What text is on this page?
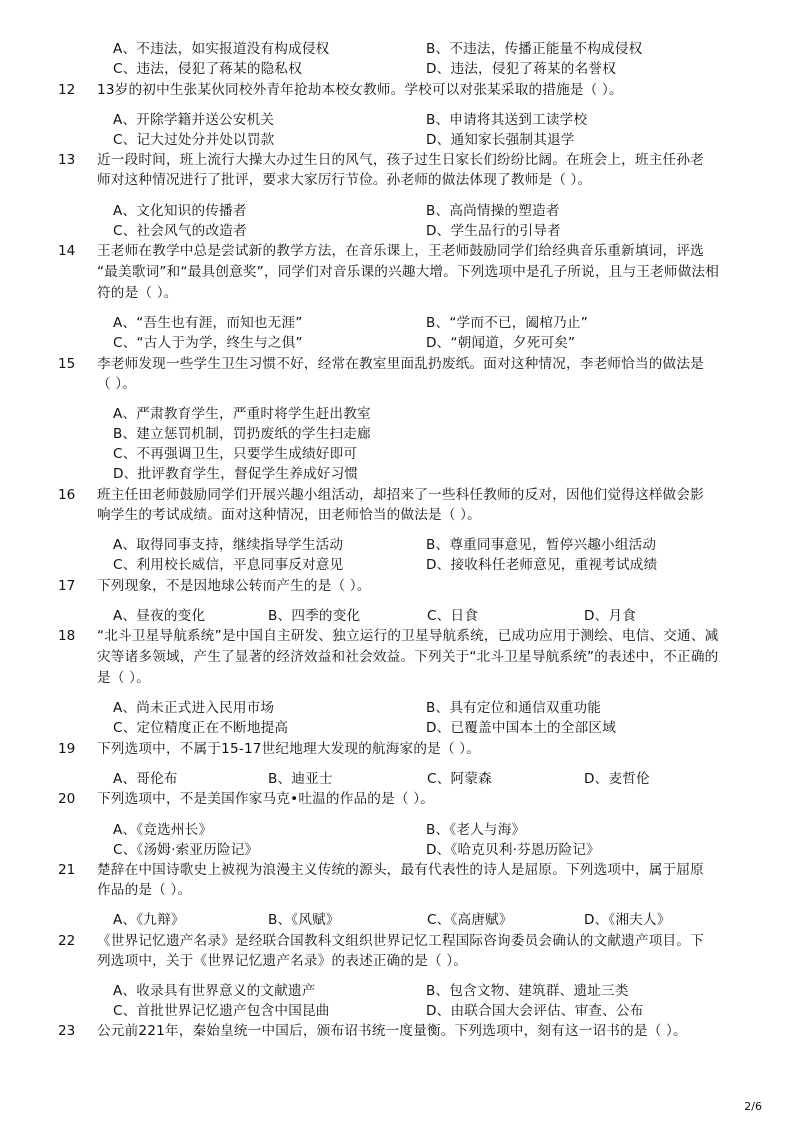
A、不违法，如实报道没有构成侵权	B、不违法，传播正能量不构成侵权
C、违法，侵犯了蒋某的隐私权	D、违法，侵犯了蒋某的名誉权
12 13岁的初中生张某伙同校外青年抢劫本校女教师。学校可以对张某采取的措施是（ ）。
A、开除学籍并送公安机关	B、申请将其送到工读学校
C、记大过处分并处以罚款	D、通知家长强制其退学
13 近一段时间，班上流行大操大办过生日的风气，孩子过生日家长们纷纷比阔。在班会上，班主任孙老
师对这种情况进行了批评，要求大家厉行节俭。孙老师的做法体现了教师是（ ）。
A、文化知识的传播者	B、高尚情操的塑造者
C、社会风气的改造者	D、学生品行的引导者
14 王老师在教学中总是尝试新的教学方法，在音乐课上，王老师鼓励同学们给经典音乐重新填词，评选
“最美歌词”和“最具创意奖”，同学们对音乐课的兴趣大增。下列选项中是孔子所说，且与王老师做法相
符的是（ ）。
A、“吾生也有涯，而知也无涯”	B、“学而不已，阖棺乃止”
C、“古人于为学，终生与之俱”	D、“朝闻道，夕死可矣”
15 李老师发现一些学生卫生习惯不好，经常在教室里面乱扔废纸。面对这种情况，李老师恰当的做法是
（ ）。
A、严肃教育学生，严重时将学生赶出教室
B、建立惩罚机制，罚扔废纸的学生扫走廊
C、不再强调卫生，只要学生成绩好即可
D、批评教育学生，督促学生养成好习惯
16 班主任田老师鼓励同学们开展兴趣小组活动，却招来了一些科任教师的反对，因他们觉得这样做会影
响学生的考试成绩。面对这种情况，田老师恰当的做法是（ ）。
A、取得同事支持，继续指导学生活动	B、尊重同事意见，暂停兴趣小组活动
C、利用校长威信，平息同事反对意见	D、接收科任老师意见，重视考试成绩
17 下列现象，不是因地球公转而产生的是（ ）。
A、昼夜的变化	B、四季的变化	C、日食	D、月食
18 “北斗卫星导航系统”是中国自主研发、独立运行的卫星导航系统，已成功应用于测绘、电信、交通、减
灾等诸多领域，产生了显著的经济效益和社会效益。下列关于“北斗卫星导航系统”的表述中，不正确的
是（ ）。
A、尚未正式进入民用市场	B、具有定位和通信双重功能
C、定位精度正在不断地提高	D、已覆盖中国本土的全部区域
19 下列选项中，不属于15-17世纪地理大发现的航海家的是（ ）。
A、哥伦布	B、迪亚士	C、阿蒙森	D、麦哲伦
20 下列选项中，不是美国作家马克•吐温的作品的是（ ）。
A、《竞选州长》	B、《老人与海》
C、《汤姆·索亚历险记》	D、《哈克贝利·芬恩历险记》
21 楚辞在中国诗歌史上被视为浪漫主义传统的源头，最有代表性的诗人是屈原。下列选项中，属于屈原
作品的是（ ）。
A、《九辩》	B、《风赋》	C、《高唐赋》	D、《湘夫人》
22 《世界记忆遗产名录》是经联合国教科文组织世界记忆工程国际咨询委员会确认的文献遗产项目。下
列选项中，关于《世界记忆遗产名录》的表述正确的是（ ）。
A、收录具有世界意义的文献遗产	B、包含文物、建筑群、遗址三类
C、首批世界记忆遗产包含中国昆曲	D、由联合国大会评估、审查、公布
23 公元前221年，秦始皇统一中国后，颁布诏书统一度量衡。下列选项中，刻有这一诏书的是（ ）。
2/6
